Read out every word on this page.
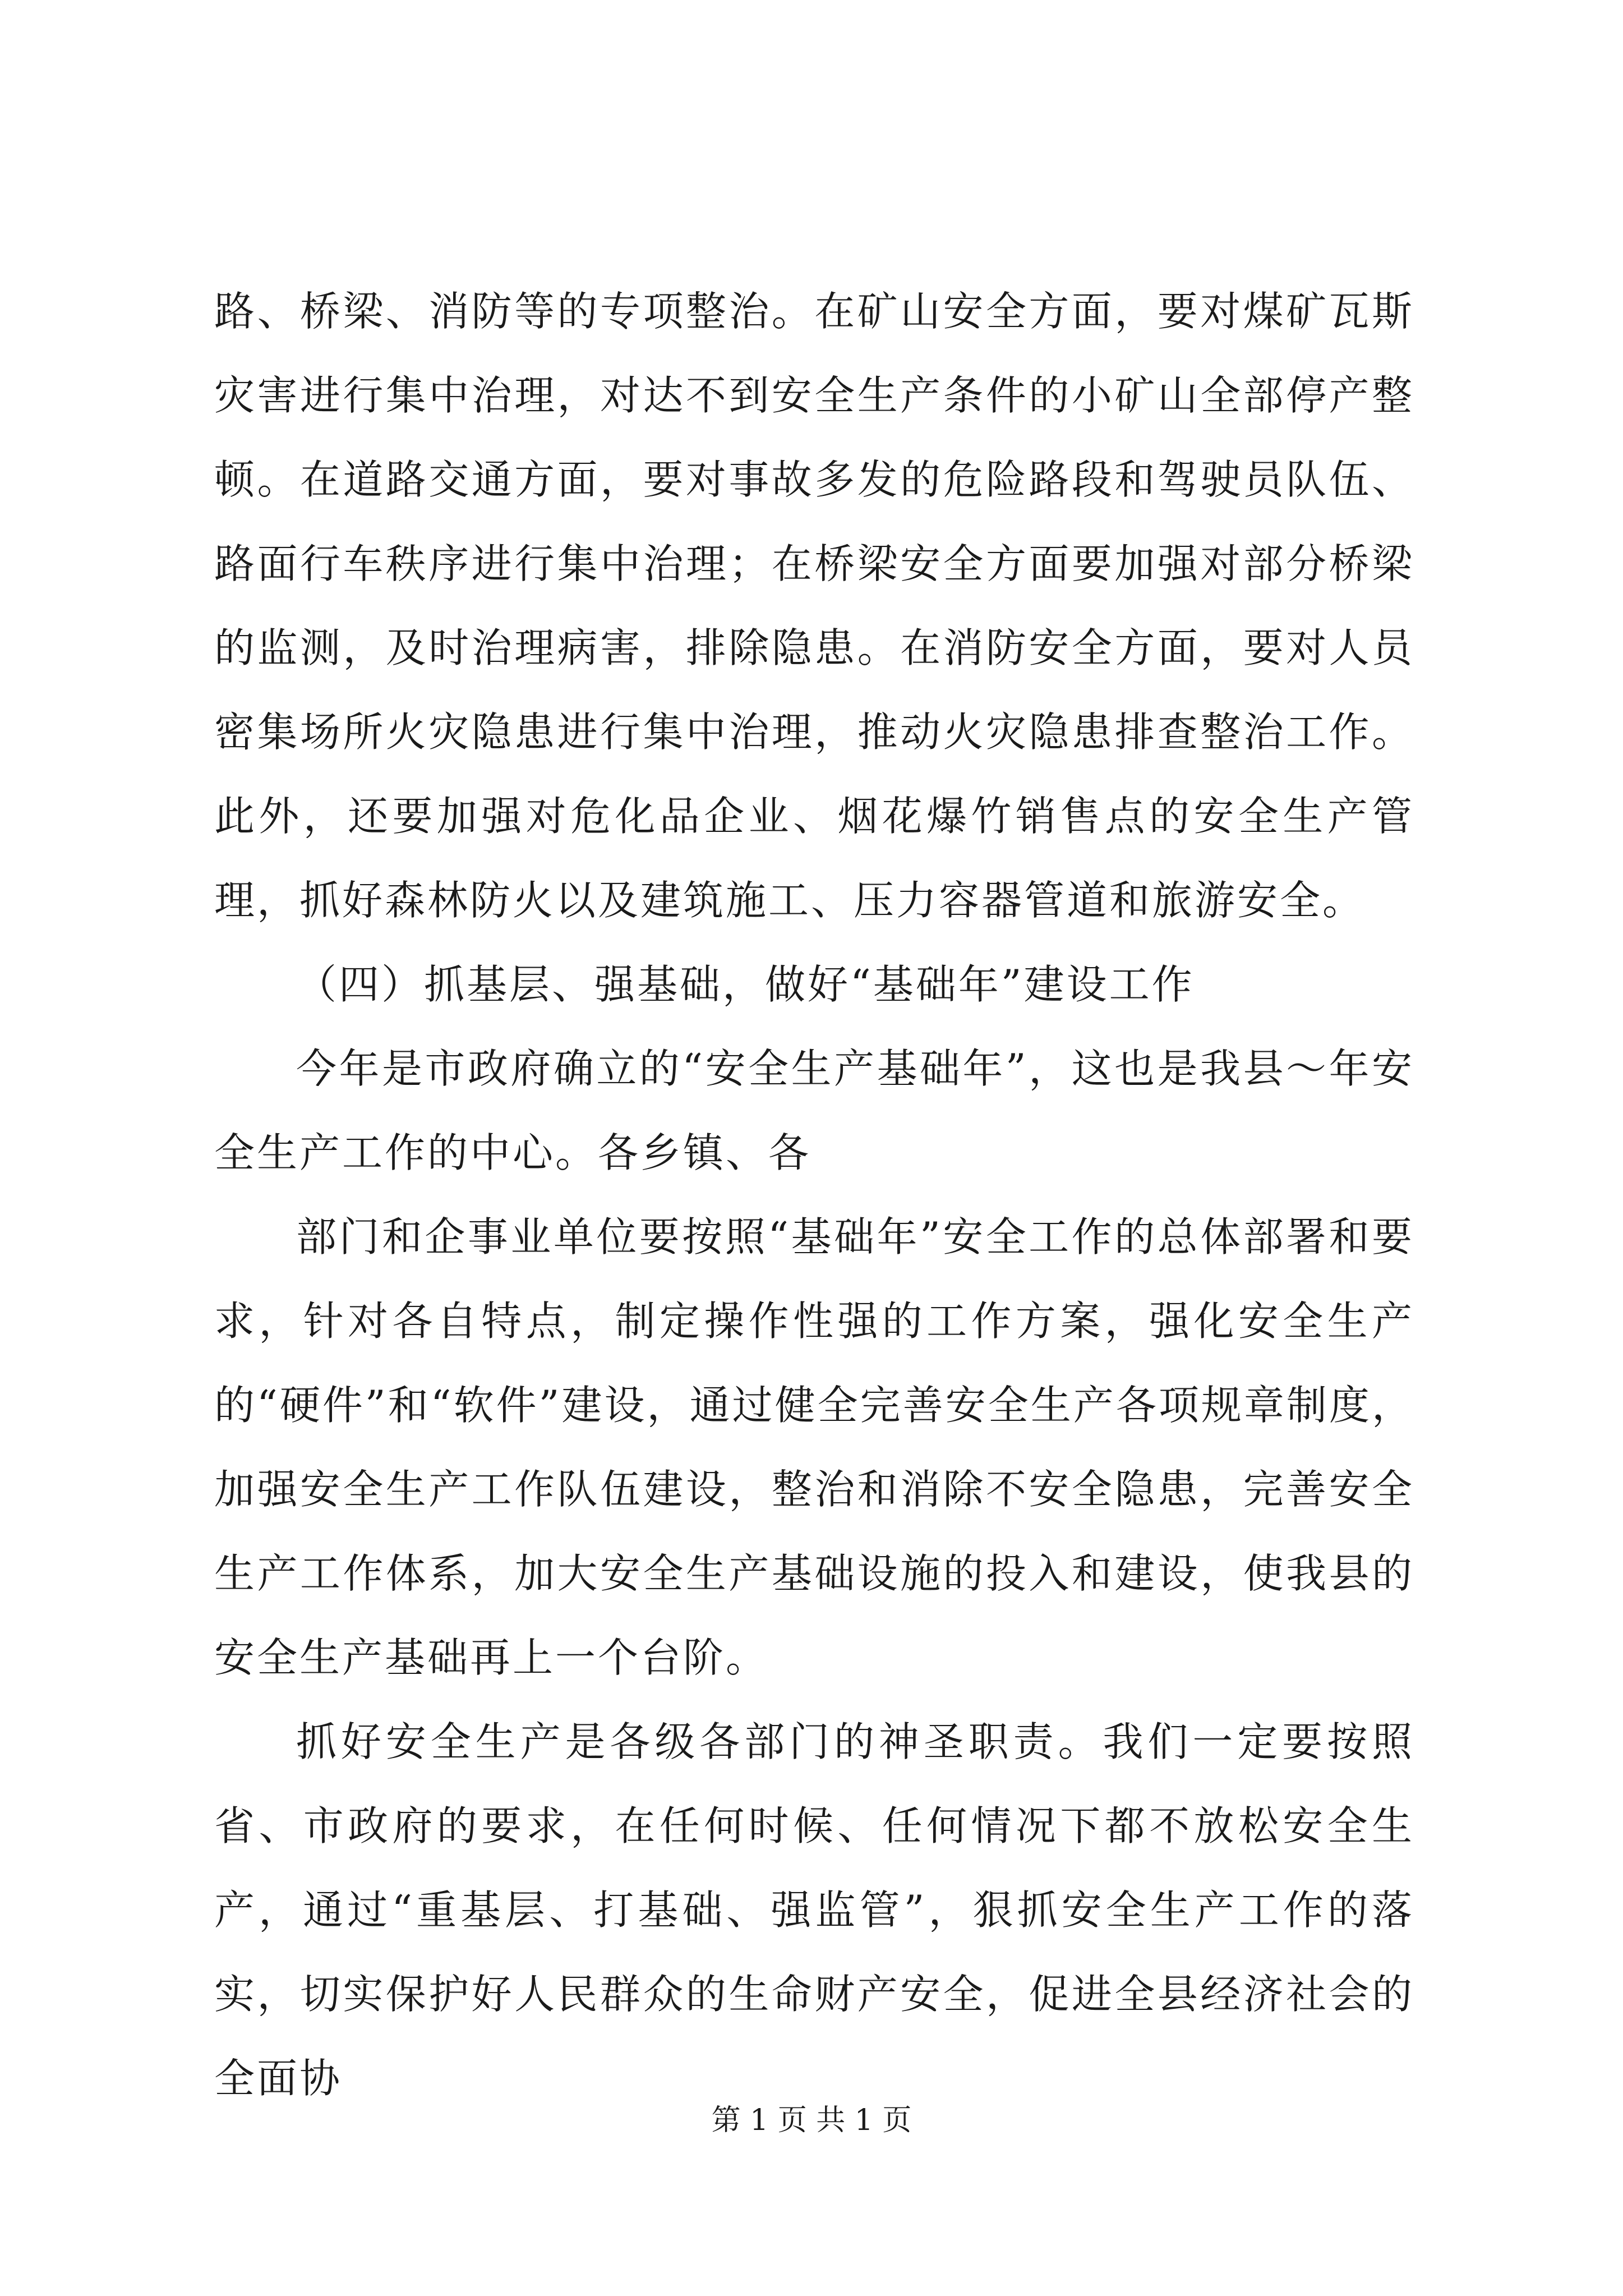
路、桥梁、消防等的专项整治。在矿山安全方面，要对煤矿瓦斯灾害进行集中治理，对达不到安全生产条件的小矿山全部停产整顿。在道路交通方面，要对事故多发的危险路段和驾驶员队伍、路面行车秩序进行集中治理；在桥梁安全方面要加强对部分桥梁的监测，及时治理病害，排除隐患。在消防安全方面，要对人员密集场所火灾隐患进行集中治理，推动火灾隐患排查整治工作。此外，还要加强对危化品企业、烟花爆竹销售点的安全生产管理，抓好森林防火以及建筑施工、压力容器管道和旅游安全。

（四）抓基层、强基础，做好“基础年”建设工作

今年是市政府确立的“安全生产基础年”，这也是我县～年安全生产工作的中心。各乡镇、各

部门和企事业单位要按照“基础年”安全工作的总体部署和要求，针对各自特点，制定操作性强的工作方案，强化安全生产的“硬件”和“软件”建设，通过健全完善安全生产各项规章制度，加强安全生产工作队伍建设，整治和消除不安全隐患，完善安全生产工作体系，加大安全生产基础设施的投入和建设，使我县的安全生产基础再上一个台阶。

抓好安全生产是各级各部门的神圣职责。我们一定要按照省、市政府的要求，在任何时候、任何情况下都不放松安全生产，通过“重基层、打基础、强监管”，狠抓安全生产工作的落实，切实保护好人民群众的生命财产安全，促进全县经济社会的全面协

第 1 页 共 1 页
